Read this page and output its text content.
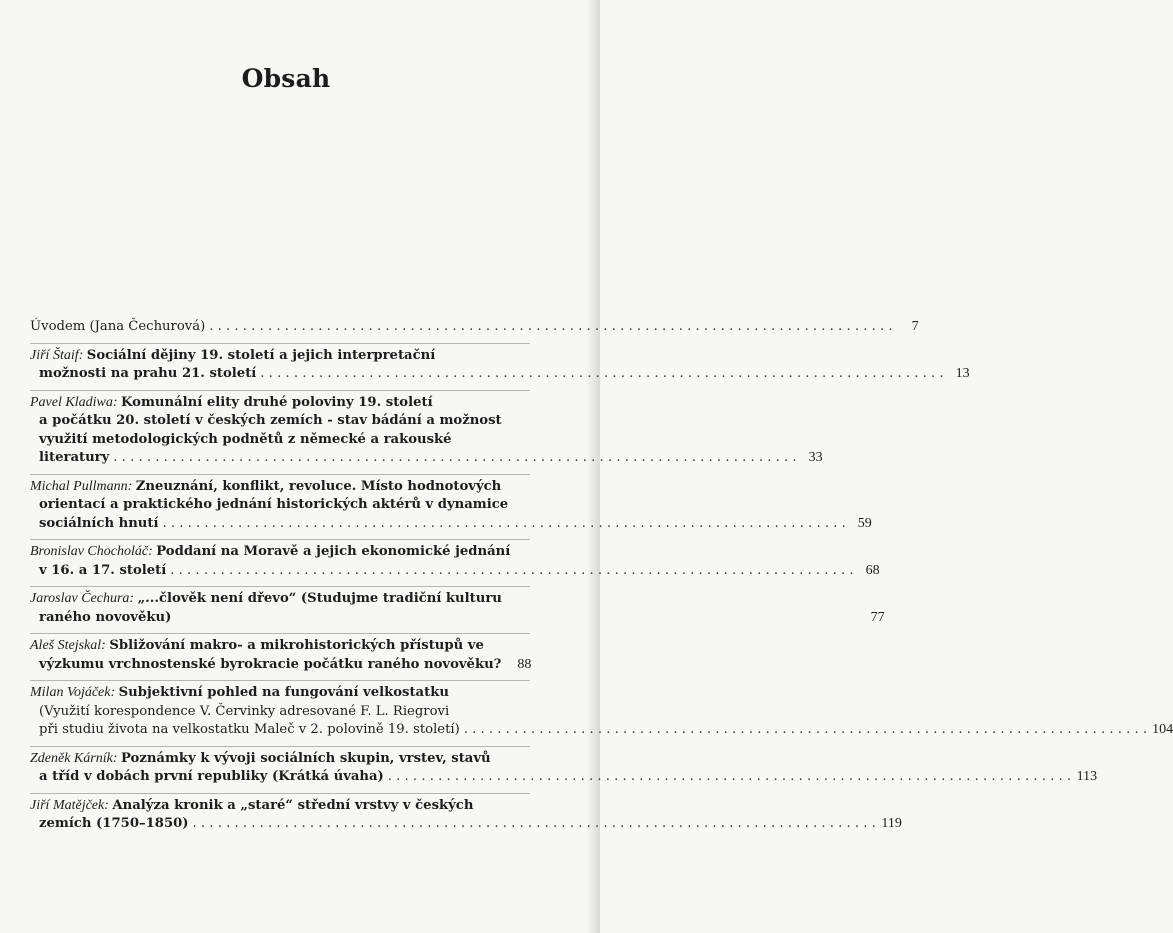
Obsah
Úvodem (Jana Čechurová) . . .	7
Jiří Štaif : Sociální dějiny 19. století a jejich interpretační
možnosti na prahu 21. století . . .	13
Pavel Kladiwa : Komunální elity druhé poloviny 19. století
a počátku 20. století v českých zemích - stav bádání a možnost
využití metodologických podnětů z německé a rakouské
literatury . . .	33
Michal Pullmann : Zneuznání, konflikt, revoluce. Místo hodnotových
orientací a praktického jednání historických aktérů v dynamice
sociálních hnutí . . .	59
Bronislav Chocholáč : Poddaní na Moravě a jejich ekonomické jednání
v 16. a 17. století . . .	68
Jaroslav Čechura : „...člověk není dřevo“ (Studujme tradiční kulturu
raného novověku)	77
Aleš Stejskal : Sbližování makro- a mikrohistorických přístupů ve
výzkumu vrchnostenské byrokracie počátku raného novověku?	88
Milan Vojáček : Subjektivní pohled na fungování velkostatku
(Využití korespondence V. Červinky adresované F. L. Riegrovi
při studiu života na velkostatku Maleč v 2. polovině 19. století) . . .	104
Zdeněk Kárník : Poznámky k vývoji sociálních skupin, vrstev, stavů
a tříd v dobách první republiky (Krátká úvaha) . . .	113
Jiří Matějček : Analýza kronik a „staré“ střední vrstvy v českých
zemích (1750–1850) . . .	119
